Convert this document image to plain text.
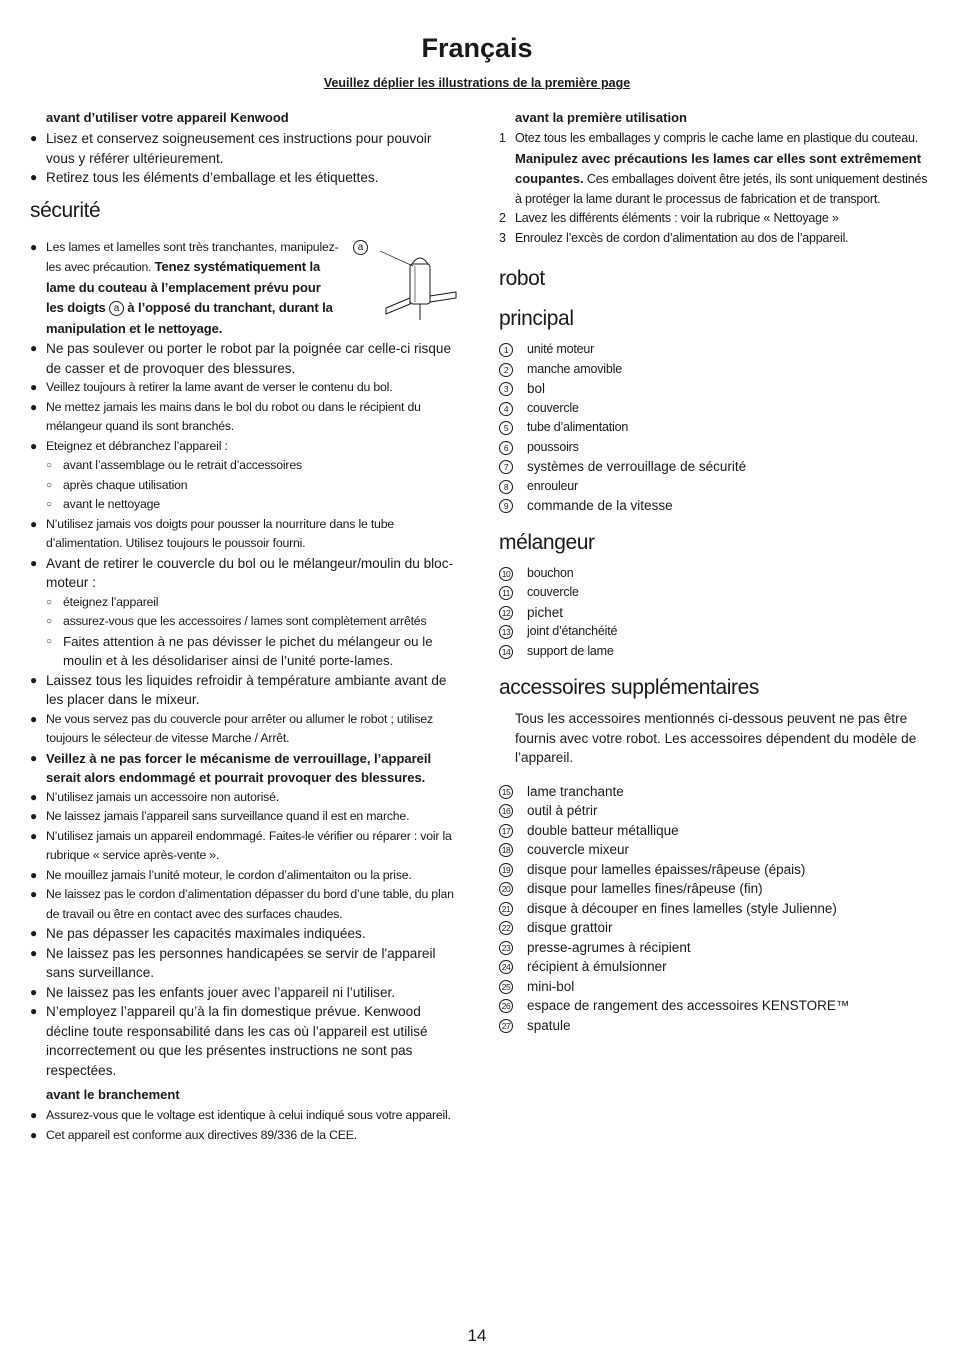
Français
Veuillez déplier les illustrations de la première page
avant d’utiliser votre appareil Kenwood
● Lisez et conservez soigneusement ces instructions pour pouvoir vous y référer ultérieurement.
● Retirez tous les éléments d’emballage et les étiquettes.
sécurité
a
● Les lames et lamelles sont très tranchantes, manipulez-les avec précaution. Tenez systématiquement la lame du couteau à l’emplacement prévu pour les doigts a à l’opposé du tranchant, durant la manipulation et le nettoyage.
● Ne pas soulever ou porter le robot par la poignée car celle-ci risque de casser et de provoquer des blessures.
● Veillez toujours à retirer la lame avant de verser le contenu du bol.
● Ne mettez jamais les mains dans le bol du robot ou dans le récipient du mélangeur quand ils sont branchés.
● Eteignez et débranchez l’appareil :
○ avant l’assemblage ou le retrait d’accessoires
○ après chaque utilisation
○ avant le nettoyage
● N’utilisez jamais vos doigts pour pousser la nourriture dans le tube d’alimentation. Utilisez toujours le poussoir fourni.
● Avant de retirer le couvercle du bol ou le mélangeur/moulin du bloc-moteur :
○ éteignez l’appareil
○ assurez-vous que les accessoires / lames sont complètement arrêtés
○ Faites attention à ne pas dévisser le pichet du mélangeur ou le moulin et à les désolidariser ainsi de l’unité porte-lames.
● Laissez tous les liquides refroidir à température ambiante avant de les placer dans le mixeur.
● Ne vous servez pas du couvercle pour arrêter ou allumer le robot ; utilisez toujours le sélecteur de vitesse Marche / Arrêt.
● Veillez à ne pas forcer le mécanisme de verrouillage, l’appareil serait alors endommagé et pourrait provoquer des blessures.
● N’utilisez jamais un accessoire non autorisé.
● Ne laissez jamais l’appareil sans surveillance quand il est en marche.
● N’utilisez jamais un appareil endommagé. Faites-le vérifier ou réparer : voir la rubrique « service après-vente ».
● Ne mouillez jamais l’unité moteur, le cordon d’alimentaiton ou la prise.
● Ne laissez pas le cordon d’alimentation dépasser du bord d’une table, du plan de travail ou être en contact avec des surfaces chaudes.
● Ne pas dépasser les capacités maximales indiquées.
● Ne laissez pas les personnes handicapées se servir de l'appareil sans surveillance.
● Ne laissez pas les enfants jouer avec l’appareil ni l’utiliser.
● N’employez l’appareil qu’à la fin domestique prévue. Kenwood décline toute responsabilité dans les cas où l’appareil est utilisé incorrectement ou que les présentes instructions ne sont pas respectées.
avant le branchement
● Assurez-vous que le voltage est identique à celui indiqué sous votre appareil.
● Cet appareil est conforme aux directives 89/336 de la CEE.
avant la première utilisation
1 Otez tous les emballages y compris le cache lame en plastique du couteau. Manipulez avec précautions les lames car elles sont extrêmement coupantes. Ces emballages doivent être jetés, ils sont uniquement destinés à protéger la lame durant le processus de fabrication et de transport.
2 Lavez les différents éléments : voir la rubrique « Nettoyage »
3 Enroulez l’excès de cordon d’alimentation au dos de l’appareil.
robot
principal
1	unité moteur
2	manche amovible
3	bol
4	couvercle
5	tube d’alimentation
6	poussoirs
7	systèmes de verrouillage de sécurité
8	enrouleur
9	commande de la vitesse
mélangeur
10 bouchon
11 couvercle
12 pichet
13 joint d’étanchéité
14 support de lame
accessoires supplémentaires
Tous les accessoires mentionnés ci-dessous peuvent ne pas être fournis avec votre robot. Les accessoires dépendent du modèle de l’appareil.
15 lame tranchante
16 outil à pétrir
17 double batteur métallique
18 couvercle mixeur
19 disque pour lamelles épaisses/râpeuse (épais)
20 disque pour lamelles fines/râpeuse (fin)
21 disque à découper en fines lamelles (style Julienne)
22 disque grattoir
23 presse-agrumes à récipient
24 récipient à émulsionner
25 mini-bol
26 espace de rangement des accessoires KENSTORE™
27 spatule
14
